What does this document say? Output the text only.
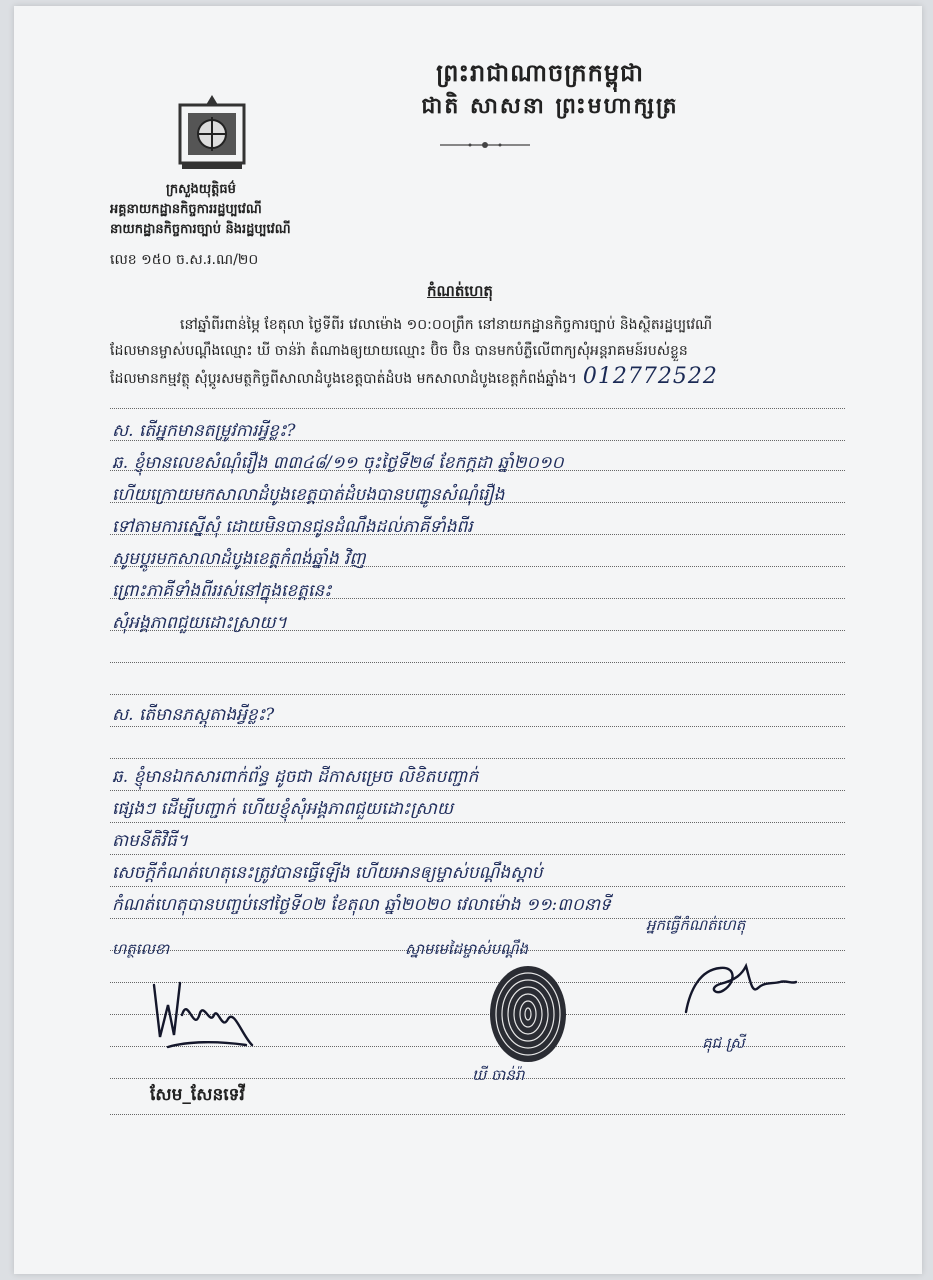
ព្រះរាជាណាចក្រកម្ពុជា
ជាតិ សាសនា ព្រះមហាក្សត្រ
ក្រសួងយុត្តិធម៌
អគ្គនាយកដ្ឋានកិច្ចការរដ្ឋប្បវេណី
នាយកដ្ឋានកិច្ចការច្បាប់ និងរដ្ឋប្បវេណី
លេខ ១៥០ ច.ស.រ.ណ/២០
កំណត់ហេតុ

នៅឆ្នាំពីរពាន់ម្ភៃ ខែតុលា ថ្ងៃទីពីរ វេលាម៉ោង ១០:០០ព្រឹក នៅនាយកដ្ឋានកិច្ចការច្បាប់ និងស្ថិតរដ្ឋប្បវេណី

ដែលមានម្ចាស់បណ្តឹងឈ្មោះ ឃី ចាន់រ៉ា តំណាងឲ្យយាយឈ្មោះ ប៊ិច ប៊ិន បានមកបំភ្លឺលើពាក្យសុំអន្តរាគមន៍របស់ខ្លួន

ដែលមានកម្មវត្ថុ សុំប្តូរសមត្ថកិច្ចពីសាលាដំបូងខេត្តបាត់ដំបង មកសាលាដំបូងខេត្តកំពង់ឆ្នាំង។ 012772522

ស. តើអ្នកមានតម្រូវការអ្វីខ្លះ?
ឆ. ខ្ញុំមានលេខសំណុំរឿង ៣៣៤៨/១១ ចុះថ្ងៃទី២៨ ខែកក្កដា ឆ្នាំ២០១០
ហើយក្រោយមកសាលាដំបូងខេត្តបាត់ដំបងបានបញ្ជូនសំណុំរឿង
ទៅតាមការស្នើសុំ ដោយមិនបានជូនដំណឹងដល់ភាគីទាំងពីរ
សូមប្តូរមកសាលាដំបូងខេត្តកំពង់ឆ្នាំង វិញ
ព្រោះភាគីទាំងពីររស់នៅក្នុងខេត្តនេះ
សុំអង្គភាពជួយដោះស្រាយ។
ស. តើមានភស្តុតាងអ្វីខ្លះ?
ឆ. ខ្ញុំមានឯកសារពាក់ព័ន្ធ ដូចជា ដីកាសម្រេច លិខិតបញ្ជាក់
ផ្សេងៗ ដើម្បីបញ្ជាក់ ហើយខ្ញុំសុំអង្គភាពជួយដោះស្រាយ
តាមនីតិវិធី។
សេចក្តីកំណត់ហេតុនេះត្រូវបានធ្វើឡើង ហើយអានឲ្យម្ចាស់បណ្តឹងស្តាប់
កំណត់ហេតុបានបញ្ចប់នៅថ្ងៃទី០២ ខែតុលា ឆ្នាំ២០២០ វេលាម៉ោង ១១:៣០នាទី
អ្នកធ្វើកំណត់ហេតុ
ហត្ថលេខា	ស្នាមមេដៃម្ចាស់បណ្តឹង
ឃី ចាន់រ៉ា
គុជ ស្រី
សែម_សែនទេវី
